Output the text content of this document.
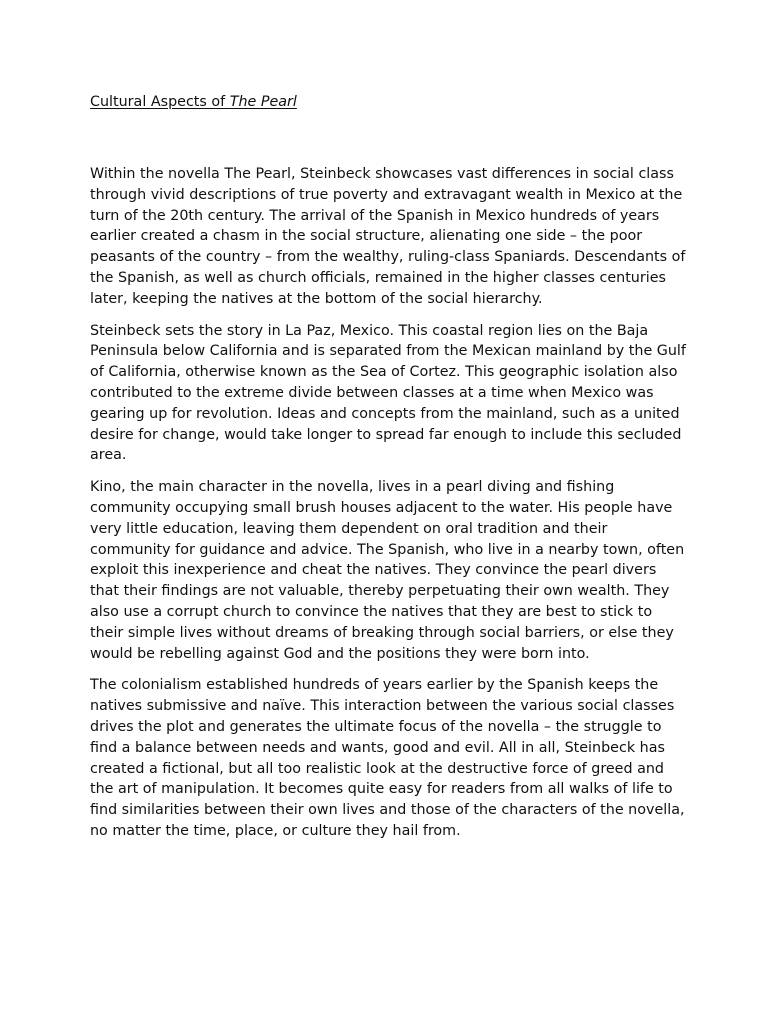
Cultural Aspects of The Pearl

Within the novella The Pearl, Steinbeck showcases vast differences in social class through vivid descriptions of true poverty and extravagant wealth in Mexico at the turn of the 20th century. The arrival of the Spanish in Mexico hundreds of years earlier created a chasm in the social structure, alienating one side – the poor peasants of the country – from the wealthy, ruling-class Spaniards. Descendants of the Spanish, as well as church officials, remained in the higher classes centuries later, keeping the natives at the bottom of the social hierarchy.

Steinbeck sets the story in La Paz, Mexico. This coastal region lies on the Baja Peninsula below California and is separated from the Mexican mainland by the Gulf of California, otherwise known as the Sea of Cortez. This geographic isolation also contributed to the extreme divide between classes at a time when Mexico was gearing up for revolution. Ideas and concepts from the mainland, such as a united desire for change, would take longer to spread far enough to include this secluded area.

Kino, the main character in the novella, lives in a pearl diving and fishing community occupying small brush houses adjacent to the water. His people have very little education, leaving them dependent on oral tradition and their community for guidance and advice. The Spanish, who live in a nearby town, often exploit this inexperience and cheat the natives. They convince the pearl divers that their findings are not valuable, thereby perpetuating their own wealth. They also use a corrupt church to convince the natives that they are best to stick to their simple lives without dreams of breaking through social barriers, or else they would be rebelling against God and the positions they were born into.

The colonialism established hundreds of years earlier by the Spanish keeps the natives submissive and naïve. This interaction between the various social classes drives the plot and generates the ultimate focus of the novella – the struggle to find a balance between needs and wants, good and evil. All in all, Steinbeck has created a fictional, but all too realistic look at the destructive force of greed and the art of manipulation. It becomes quite easy for readers from all walks of life to find similarities between their own lives and those of the characters of the novella, no matter the time, place, or culture they hail from.
